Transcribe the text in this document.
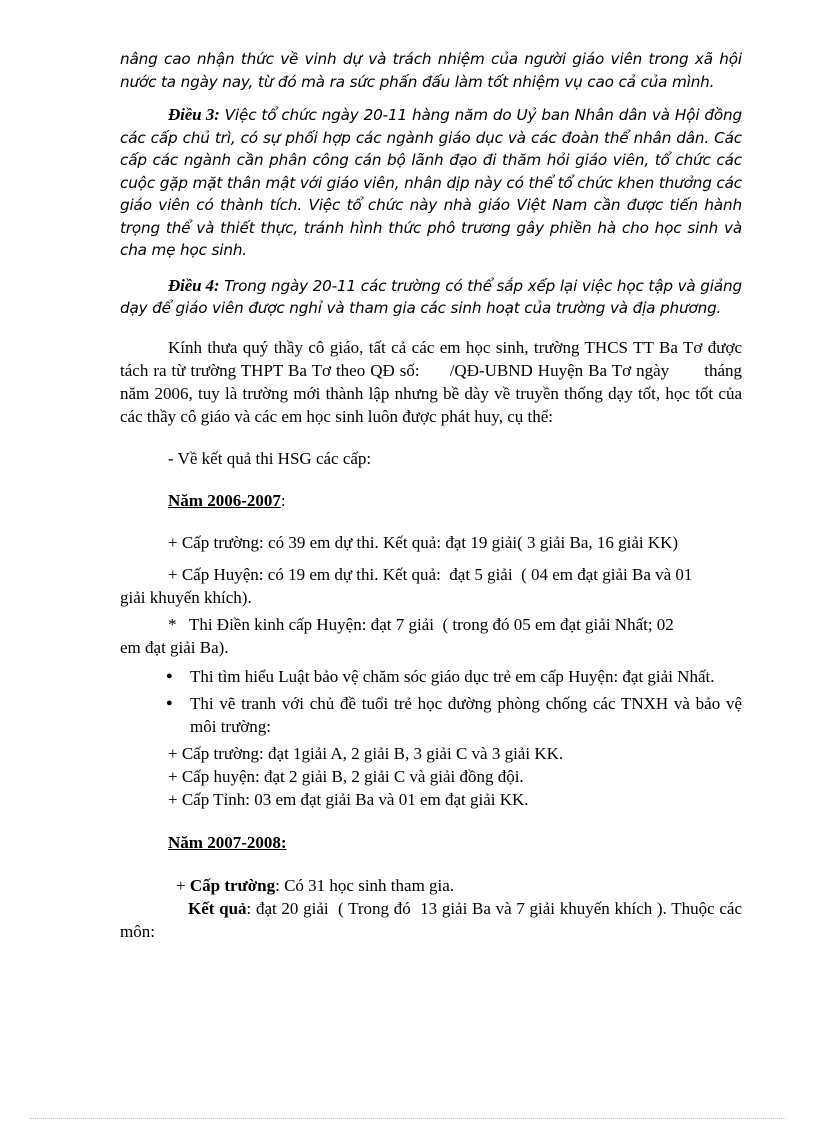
nâng cao nhận thức về vinh dự và trách nhiệm của người giáo viên trong xã hội nước ta ngày nay, từ đó mà ra sức phấn đấu làm tốt nhiệm vụ cao cả của mình.

Điều 3: Việc tổ chức ngày 20-11 hàng năm do Uỷ ban Nhân dân và Hội đồng các cấp chủ trì, có sự phối hợp các ngành giáo dục và các đoàn thể nhân dân. Các cấp các ngành cần phân công cán bộ lãnh đạo đi thăm hỏi giáo viên, tổ chức các cuộc gặp mặt thân mật với giáo viên, nhân dịp này có thể tổ chức khen thưởng các giáo viên có thành tích. Việc tổ chức này nhà giáo Việt Nam cần được tiến hành trọng thể và thiết thực, tránh hình thức phô trương gây phiền hà cho học sinh và cha mẹ học sinh.

Điều 4: Trong ngày 20-11 các trường có thể sắp xếp lại việc học tập và giảng dạy để giáo viên được nghỉ và tham gia các sinh hoạt của trường và địa phương.

Kính thưa quý thầy cô giáo, tất cả các em học sinh, trường THCS TT Ba Tơ được tách ra từ trường THPT Ba Tơ theo QĐ số:      /QĐ-UBND Huyện Ba Tơ ngày       tháng      năm 2006, tuy là trường mới thành lập nhưng bề dày về truyền thống dạy tốt, học tốt của các thầy cô giáo và các em học sinh luôn được phát huy, cụ thể:

- Về kết quả thi HSG các cấp:

Năm 2006-2007:

+ Cấp trường: có 39 em dự thi. Kết quả: đạt 19 giải( 3 giải Ba, 16 giải KK)

+ Cấp Huyện: có 19 em dự thi. Kết quả:  đạt 5 giải  ( 04 em đạt giải Ba và 01

giải khuyến khích).

*   Thi Điền kinh cấp Huyện: đạt 7 giải  ( trong đó 05 em đạt giải Nhất; 02

em đạt giải Ba).

● Thi tìm hiểu Luật bảo vệ chăm sóc giáo dục trẻ em cấp Huyện: đạt giải Nhất.
● Thi vẽ tranh với chủ đề tuổi trẻ học đường phòng chống các TNXH và bảo vệ môi trường:

+ Cấp trường: đạt 1giải A, 2 giải B, 3 giải C và 3 giải KK.

+ Cấp huyện: đạt 2 giải B, 2 giải C và giải đồng đội.

+ Cấp Tỉnh: 03 em đạt giải Ba và 01 em đạt giải KK.

Năm 2007-2008:

+ Cấp trường: Có 31 học sinh tham gia.

Kết quả: đạt 20 giải  ( Trong đó  13 giải Ba và 7 giải khuyến khích ). Thuộc các môn:
